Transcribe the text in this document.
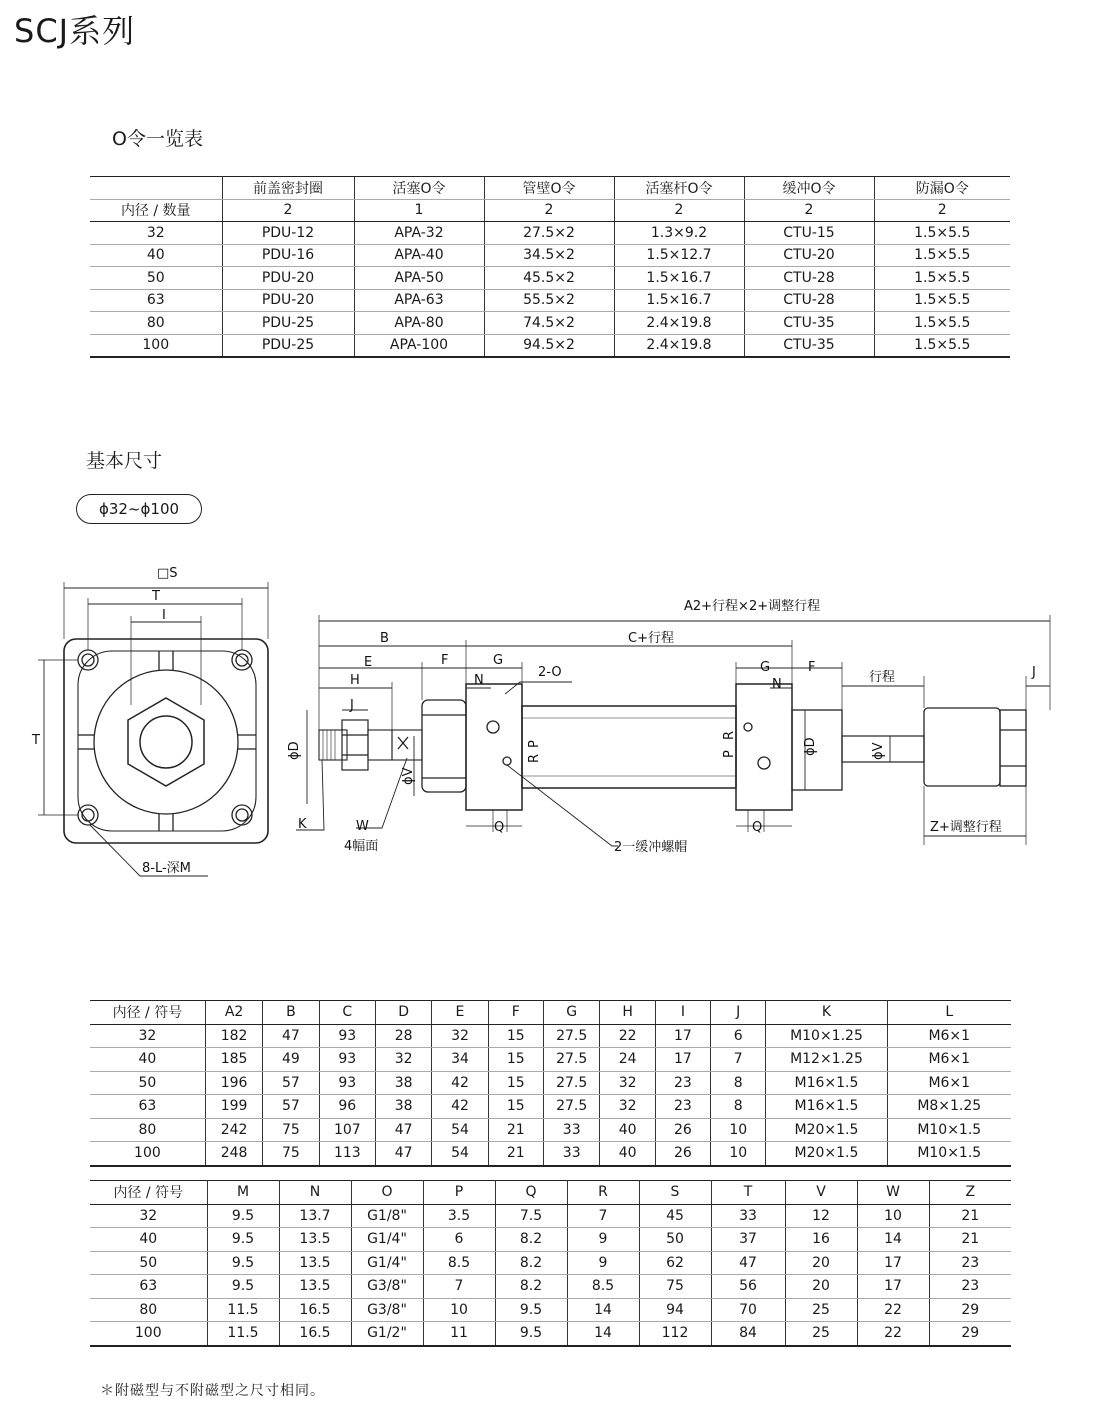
SCJ系列
O令一览表
	前盖密封圈	活塞O令	管壁O令	活塞杆O令	缓冲O令	防漏O令
内径 / 数量	2	1	2	2	2	2
32	PDU-12	APA-32	27.5×2	1.3×9.2	CTU-15	1.5×5.5
40	PDU-16	APA-40	34.5×2	1.5×12.7	CTU-20	1.5×5.5
50	PDU-20	APA-50	45.5×2	1.5×16.7	CTU-28	1.5×5.5
63	PDU-20	APA-63	55.5×2	1.5×16.7	CTU-28	1.5×5.5
80	PDU-25	APA-80	74.5×2	2.4×19.8	CTU-35	1.5×5.5
100	PDU-25	APA-100	94.5×2	2.4×19.8	CTU-35	1.5×5.5
基本尺寸
ϕ32~ϕ100
□S
T
I
T
8-L-深M
A2+行程×2+调整行程
B	C+行程
E	F	G
H
J
N
2-O
ϕD
ϕV
R
P
K	W
4幅面
Q
2一缓冲螺帽
G	F
N	行程	J
P
R
ϕD	ϕV
Q	Z+调整行程
内径 / 符号	A2	B	C	D	E	F	G	H	I	J	K	L
32	182	47	93	28	32	15	27.5	22	17	6	M10×1.25	M6×1
40	185	49	93	32	34	15	27.5	24	17	7	M12×1.25	M6×1
50	196	57	93	38	42	15	27.5	32	23	8	M16×1.5	M6×1
63	199	57	96	38	42	15	27.5	32	23	8	M16×1.5	M8×1.25
80	242	75	107	47	54	21	33	40	26	10	M20×1.5	M10×1.5
100	248	75	113	47	54	21	33	40	26	10	M20×1.5	M10×1.5
内径 / 符号	M	N	O	P	Q	R	S	T	V	W	Z
32	9.5	13.7	G1/8"	3.5	7.5	7	45	33	12	10	21
40	9.5	13.5	G1/4"	6	8.2	9	50	37	16	14	21
50	9.5	13.5	G1/4"	8.5	8.2	9	62	47	20	17	23
63	9.5	13.5	G3/8"	7	8.2	8.5	75	56	20	17	23
80	11.5	16.5	G3/8"	10	9.5	14	94	70	25	22	29
100	11.5	16.5	G1/2"	11	9.5	14	112	84	25	22	29
＊附磁型与不附磁型之尺寸相同。
